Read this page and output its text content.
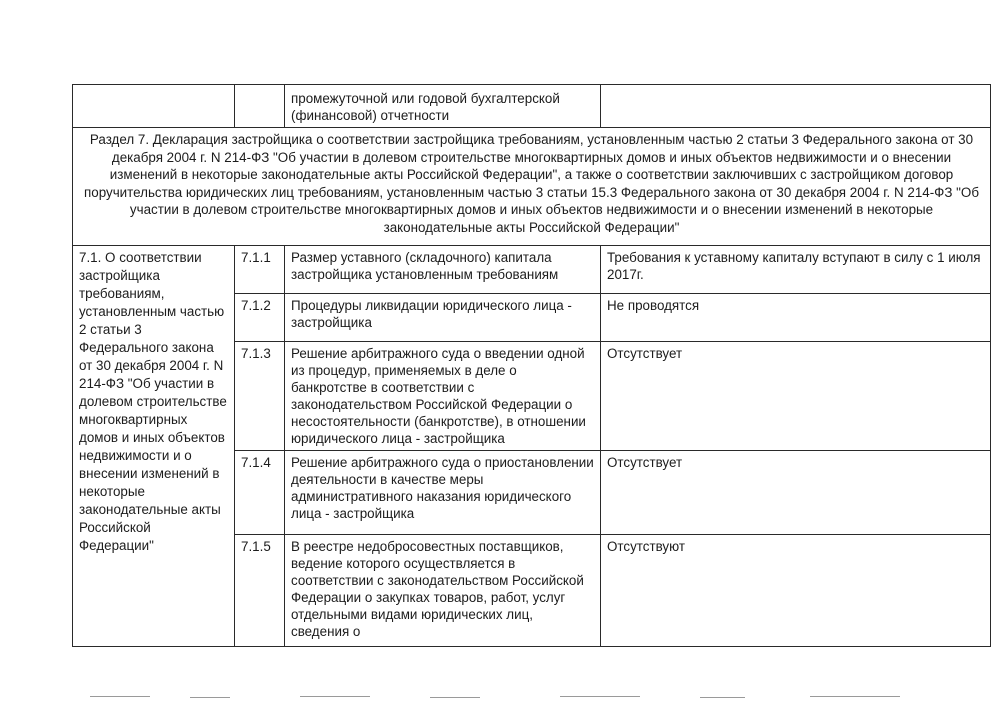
		промежуточной или годовой бухгалтерской (финансовой) отчетности	
Раздел 7. Декларация застройщика о соответствии застройщика требованиям, установленным частью 2 статьи 3 Федерального закона от 30 декабря 2004 г. N 214-ФЗ "Об участии в долевом строительстве многоквартирных домов и иных объектов недвижимости и о внесении изменений в некоторые законодательные акты Российской Федерации", а также о соответствии заключивших с застройщиком договор поручительства юридических лиц требованиям, установленным частью 3 статьи 15.3 Федерального закона от 30 декабря 2004 г. N 214-ФЗ "Об участии в долевом строительстве многоквартирных домов и иных объектов недвижимости и о внесении изменений в некоторые законодательные акты Российской Федерации"			
7.1. О соответствии застройщика требованиям, установленным частью 2 статьи 3 Федерального закона от 30 декабря 2004 г. N 214-ФЗ "Об участии в долевом строительстве многоквартирных домов и иных объектов недвижимости и о внесении изменений в некоторые законодательные акты Российской Федерации"	7.1.1	Размер уставного (складочного) капитала застройщика установленным требованиям	Требования к уставному капиталу вступают в силу с 1 июля 2017г.
	7.1.2	Процедуры ликвидации юридического лица - застройщика	Не проводятся
	7.1.3	Решение арбитражного суда о введении одной из процедур, применяемых в деле о банкротстве в соответствии с законодательством Российской Федерации о несостоятельности (банкротстве), в отношении юридического лица - застройщика	Отсутствует
	7.1.4	Решение арбитражного суда о приостановлении деятельности в качестве меры административного наказания юридического лица - застройщика	Отсутствует
	7.1.5	В реестре недобросовестных поставщиков, ведение которого осуществляется в соответствии с законодательством Российской Федерации о закупках товаров, работ, услуг отдельными видами юридических лиц, сведения о	Отсутствуют
